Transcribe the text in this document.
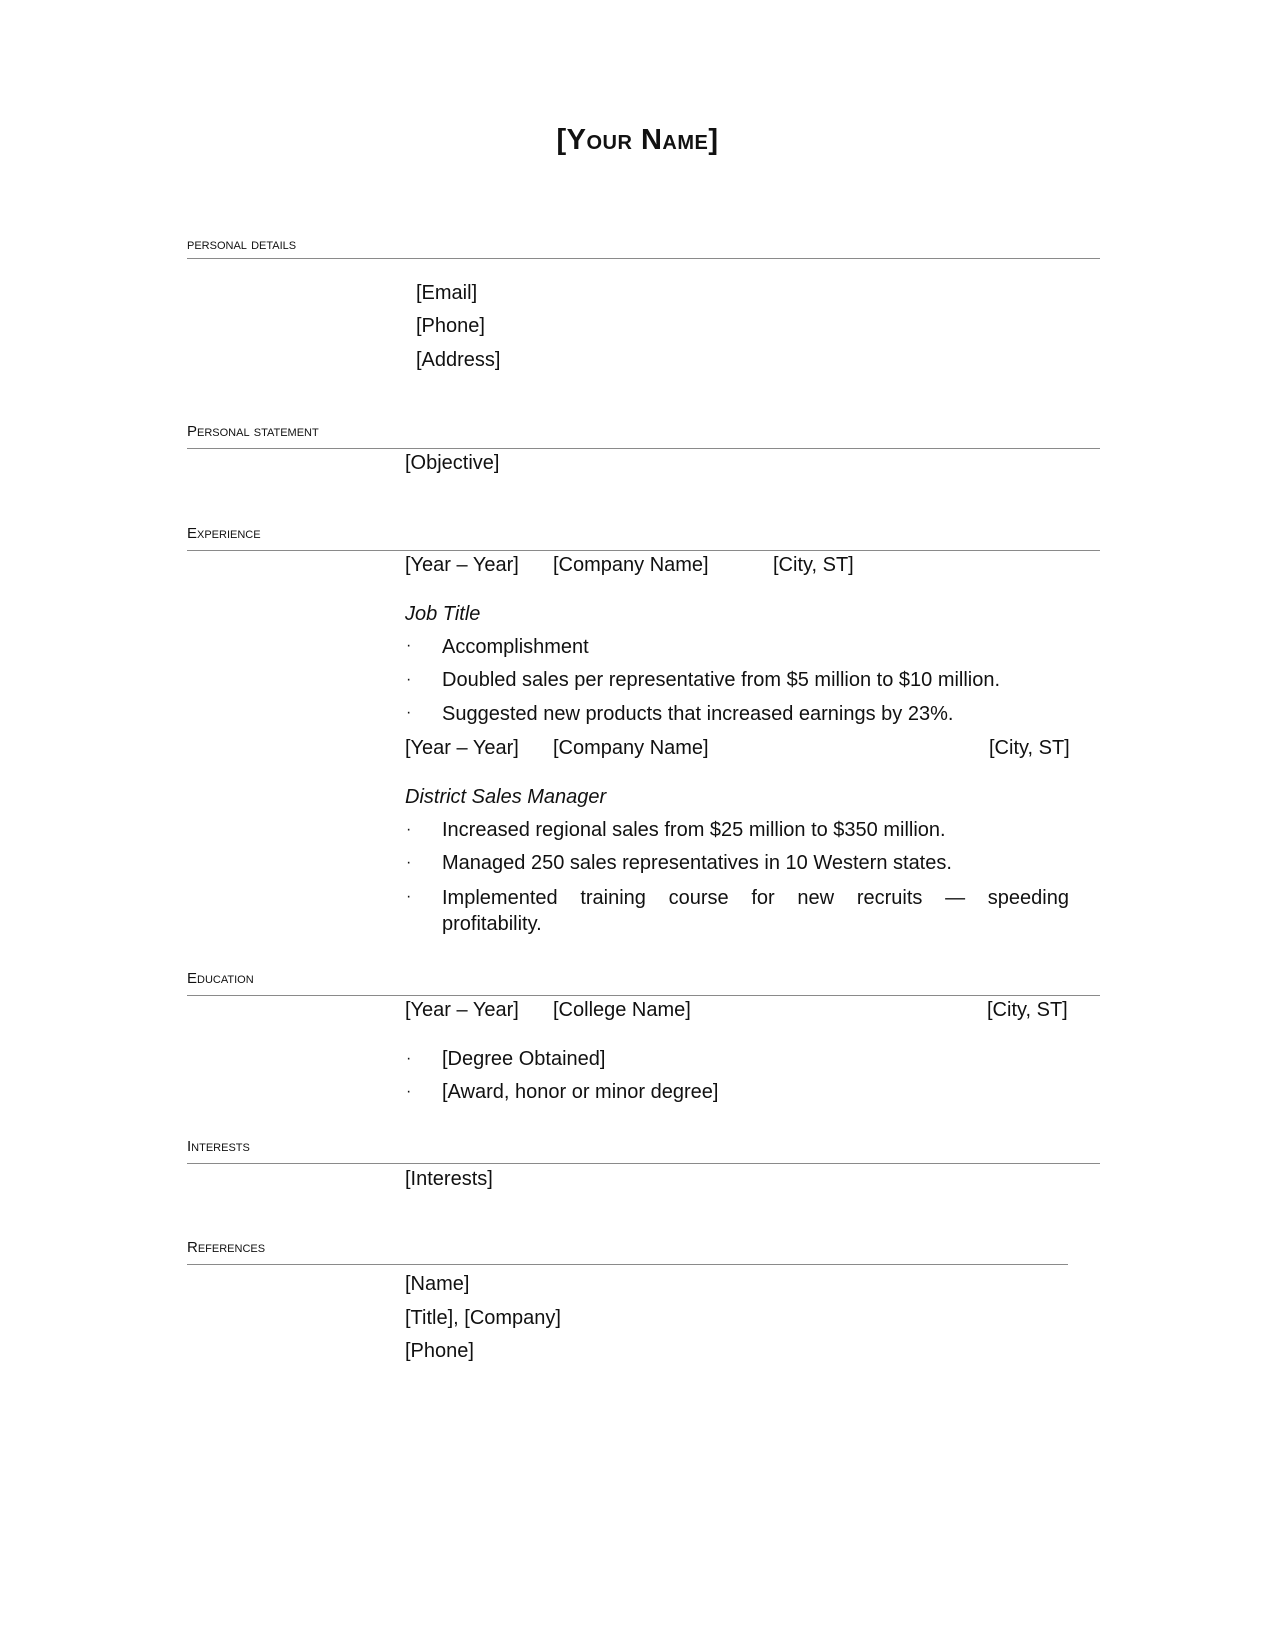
[Your Name]
personal details
[Email]
[Phone]
[Address]
Personal statement
[Objective]
Experience
[Year – Year] [Company Name]	[City, ST]
Job Title
· Accomplishment
· Doubled sales per representative from $5 million to $10 million.
· Suggested new products that increased earnings by 23%.
[Year – Year] [Company Name]	[City, ST]
District Sales Manager
· Increased regional sales from $25 million to $350 million.
· Managed 250 sales representatives in 10 Western states.
· Implemented training course for new recruits — speeding
profitability.
Education
[Year – Year] [College Name]	[City, ST]
· [Degree Obtained]
· [Award, honor or minor degree]
Interests
[Interests]
References
[Name]
[Title], [Company]
[Phone]
